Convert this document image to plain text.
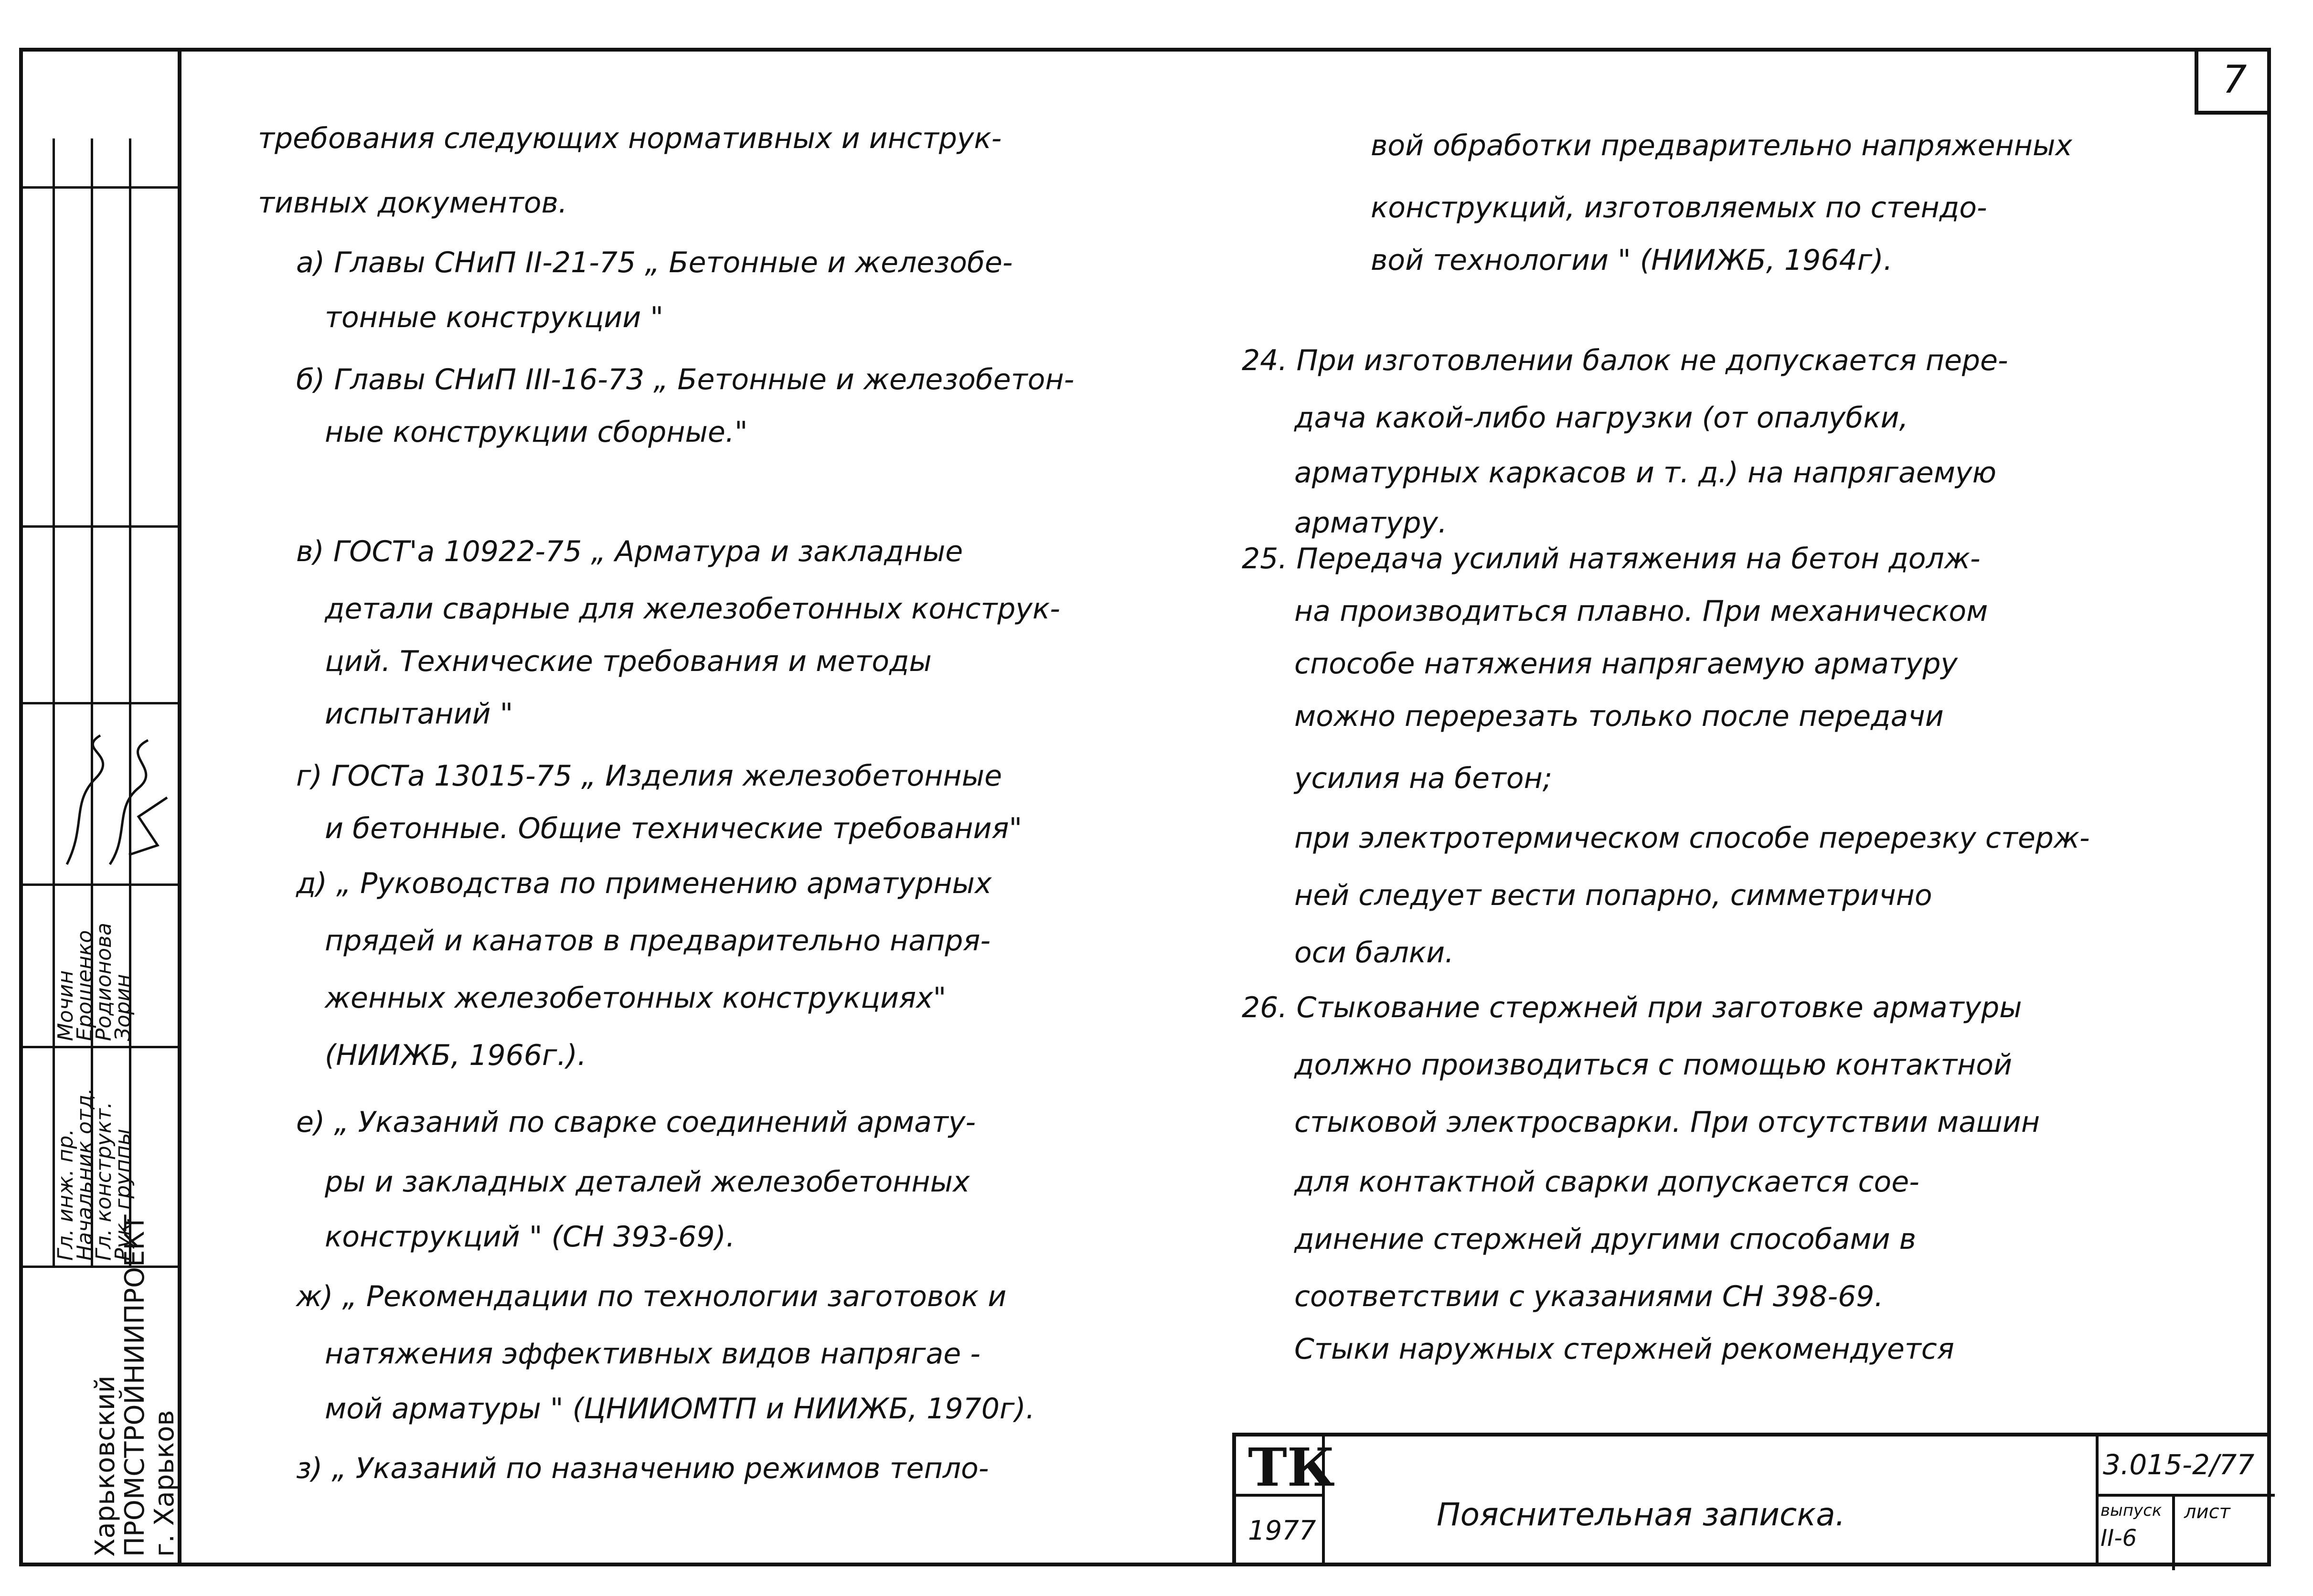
Гл. инж. пр.
Начальник отд.
Гл. конструкт.
Рук. группы
Мочин
Ерошенко
Родионова
Зорин
Харьковский
ПРОМСТРОЙНИИПРОЕКТ
г. Харьков
7
требования следующих нормативных и инструк-
тивных документов.
а) Главы СНиП II-21-75 „ Бетонные и железобе-
тонные конструкции "
б) Главы СНиП III-16-73 „ Бетонные и железобетон-
ные конструкции сборные."
в) ГОСТ'а 10922-75 „ Арматура и закладные
детали сварные для железобетонных конструк-
ций. Технические требования и методы
испытаний "
г) ГОСТа 13015-75 „ Изделия железобетонные
и бетонные. Общие технические требования"
д) „ Руководства по применению арматурных
прядей и канатов в предварительно напря-
женных железобетонных конструкциях"
(НИИЖБ, 1966г.).
е) „ Указаний по сварке соединений армату-
ры и закладных деталей железобетонных
конструкций " (СН 393-69).
ж) „ Рекомендации по технологии заготовок и
натяжения эффективных видов напрягае -
мой арматуры " (ЦНИИОМТП и НИИЖБ, 1970г).
з) „ Указаний по назначению режимов тепло-
вой обработки предварительно напряженных
конструкций, изготовляемых по стендо-
вой технологии " (НИИЖБ, 1964г).
24. При изготовлении балок не допускается пере-
дача какой-либо нагрузки (от опалубки,
арматурных каркасов и т. д.) на напрягаемую
арматуру.
25. Передача усилий натяжения на бетон долж-
на производиться плавно. При механическом
способе натяжения напрягаемую арматуру
можно перерезать только после передачи
усилия на бетон;
при электротермическом способе перерезку стерж-
ней следует вести попарно, симметрично
оси балки.
26. Стыкование стержней при заготовке арматуры
должно производиться с помощью контактной
стыковой электросварки. При отсутствии машин
для контактной сварки допускается сое-
динение стержней другими способами в
соответствии с указаниями СН 398-69.
Стыки наружных стержней рекомендуется
ТК
1977	Пояснительная записка.
3.015-2/77
выпуск
II-6
лист
